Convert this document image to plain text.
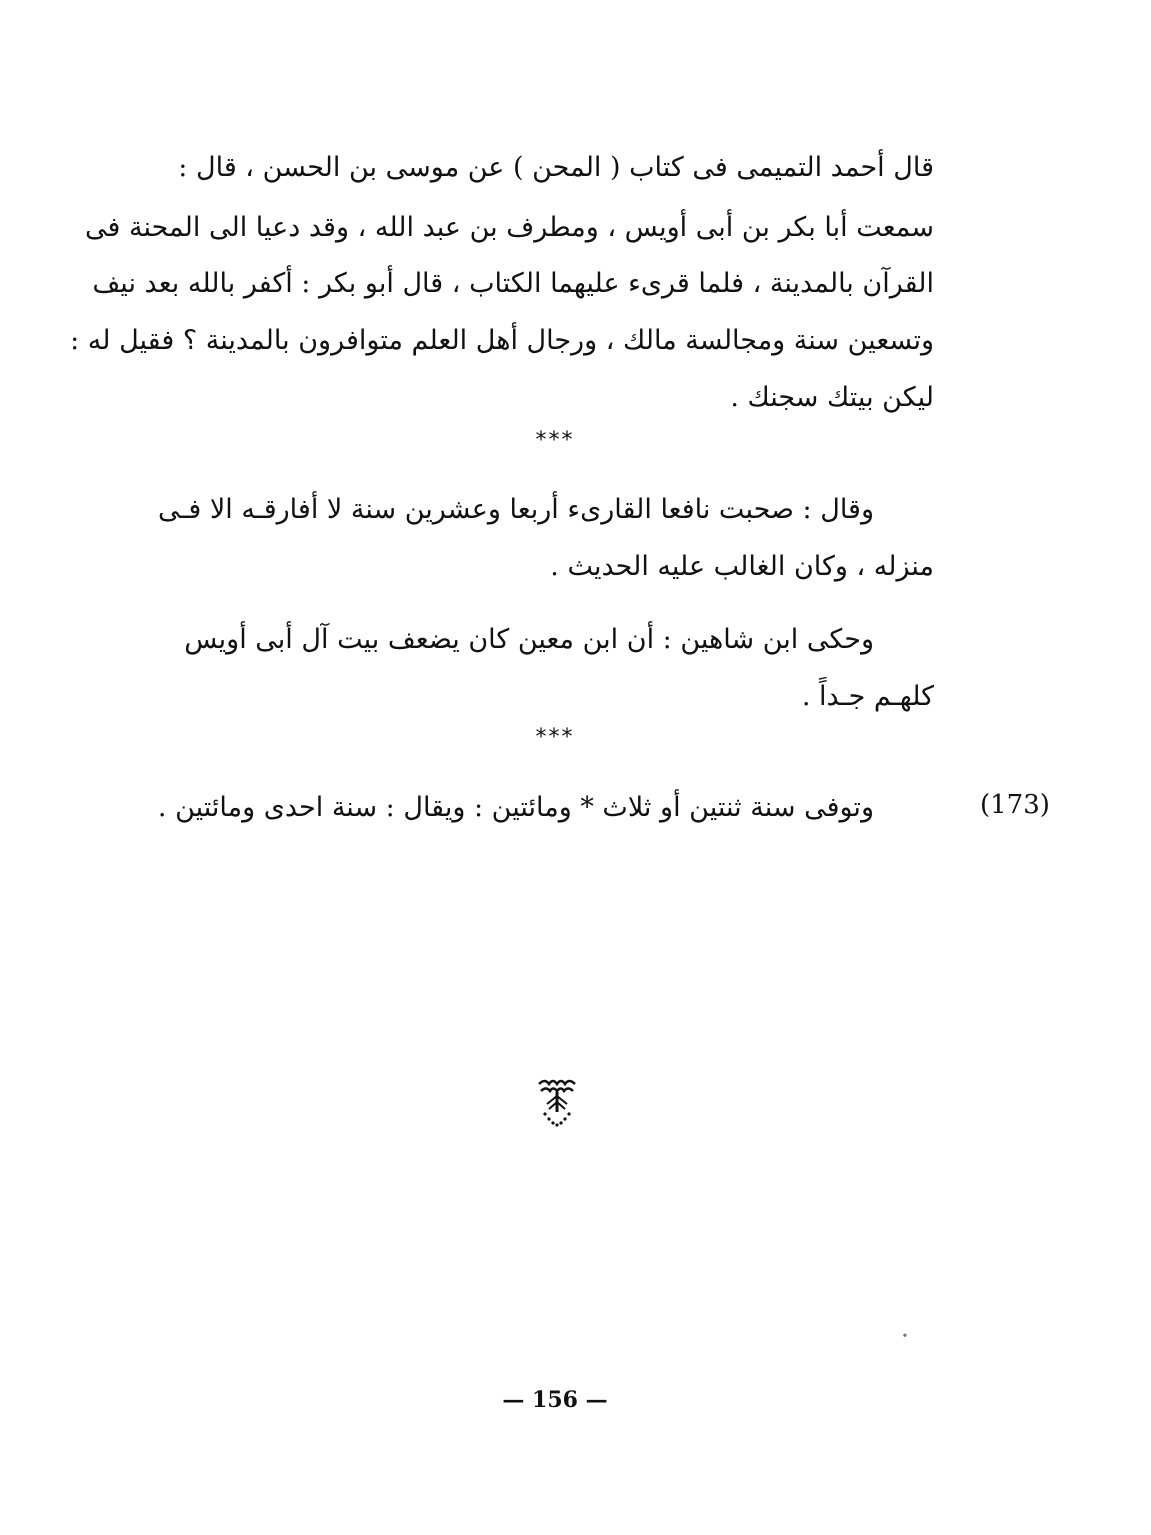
قال أحمد التميمى فى كتاب ( المحن ) عن موسى بن الحسن ، قال :
سمعت أبا بكر بن أبى أويس ، ومطرف بن عبد الله ، وقد دعيا الى المحنة فى
القرآن بالمدينة ، فلما قرىء عليهما الكتاب ، قال أبو بكر : أكفر بالله بعد نيف
وتسعين سنة ومجالسة مالك ، ورجال أهل العلم متوافرون بالمدينة ؟ فقيل له :
ليكن بيتك سجنك .
***
وقال : صحبت نافعا القارىء أربعا وعشرين سنة لا أفارقـه الا فـى
منزله ، وكان الغالب عليه الحديث .
وحكى ابن شاهين : أن ابن معين كان يضعف بيت آل أبى أويس
كلهـم جـداً .
***
(173)
وتوفى سنة ثنتين أو ثلاث * ومائتين : ويقال : سنة احدى ومائتين .
∙
— 156 —
